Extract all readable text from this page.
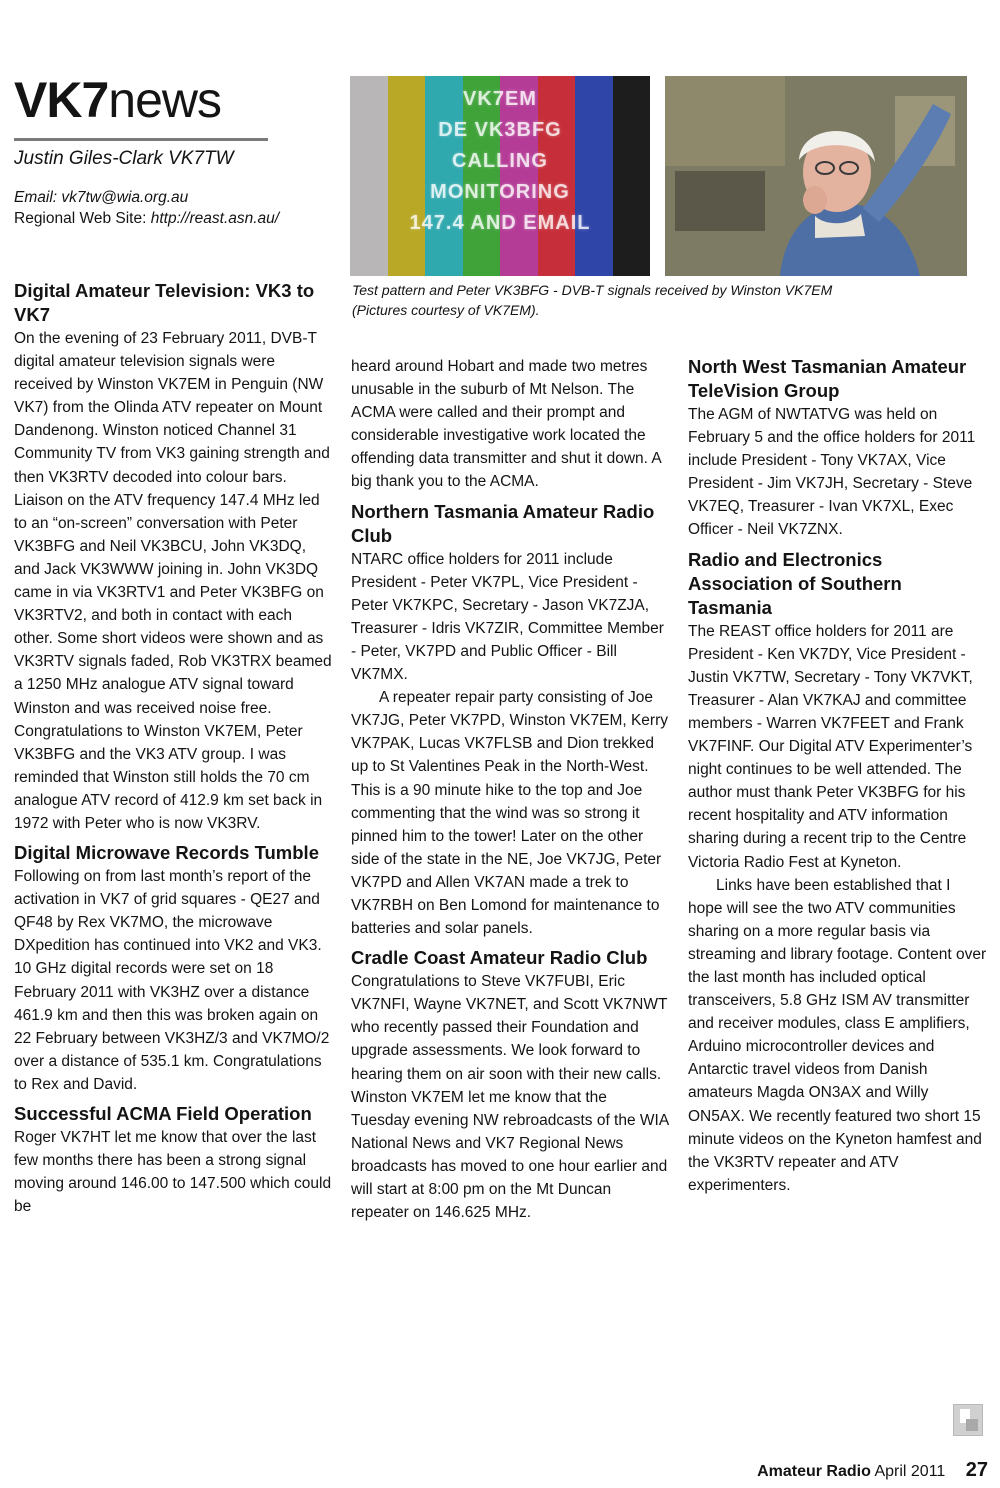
VK7news
Justin Giles-Clark VK7TW
Email: vk7tw@wia.org.au
Regional Web Site: http://reast.asn.au/
VK7EM
DE VK3BFG
CALLING
MONITORING
147.4 AND EMAIL
Test pattern and Peter VK3BFG - DVB-T signals received by Winston VK7EM
(Pictures courtesy of VK7EM).
Digital Amateur Television: VK3 to VK7

On the evening of 23 February 2011, DVB-T digital amateur television signals were received by Winston VK7EM in Penguin (NW VK7) from the Olinda ATV repeater on Mount Dandenong. Winston noticed Channel 31 Community TV from VK3 gaining strength and then VK3RTV decoded into colour bars. Liaison on the ATV frequency 147.4 MHz led to an “on-screen” conversation with Peter VK3BFG and Neil VK3BCU, John VK3DQ, and Jack VK3WWW joining in. John VK3DQ came in via VK3RTV1 and Peter VK3BFG on VK3RTV2, and both in contact with each other. Some short videos were shown and as VK3RTV signals faded, Rob VK3TRX beamed a 1250 MHz analogue ATV signal toward Winston and was received noise free. Congratulations to Winston VK7EM, Peter VK3BFG and the VK3 ATV group. I was reminded that Winston still holds the 70 cm analogue ATV record of 412.9 km set back in 1972 with Peter who is now VK3RV.

Digital Microwave Records Tumble

Following on from last month’s report of the activation in VK7 of grid squares - QE27 and QF48 by Rex VK7MO, the microwave DXpedition has continued into VK2 and VK3. 10 GHz digital records were set on 18 February 2011 with VK3HZ over a distance 461.9 km and then this was broken again on 22 February between VK3HZ/3 and VK7MO/2 over a distance of 535.1 km. Congratulations to Rex and David.

Successful ACMA Field Operation

Roger VK7HT let me know that over the last few months there has been a strong signal moving around 146.00 to 147.500 which could be

heard around Hobart and made two metres unusable in the suburb of Mt Nelson. The ACMA were called and their prompt and considerable investigative work located the offending data transmitter and shut it down. A big thank you to the ACMA.

Northern Tasmania Amateur Radio Club

NTARC office holders for 2011 include President - Peter VK7PL, Vice President - Peter VK7KPC, Secretary - Jason VK7ZJA, Treasurer - Idris VK7ZIR, Committee Member - Peter, VK7PD and Public Officer - Bill VK7MX.

A repeater repair party consisting of Joe VK7JG, Peter VK7PD, Winston VK7EM, Kerry VK7PAK, Lucas VK7FLSB and Dion trekked up to St Valentines Peak in the North-West. This is a 90 minute hike to the top and Joe commenting that the wind was so strong it pinned him to the tower! Later on the other side of the state in the NE, Joe VK7JG, Peter VK7PD and Allen VK7AN made a trek to VK7RBH on Ben Lomond for maintenance to batteries and solar panels.

Cradle Coast Amateur Radio Club

Congratulations to Steve VK7FUBI, Eric VK7NFI, Wayne VK7NET, and Scott VK7NWT who recently passed their Foundation and upgrade assessments. We look forward to hearing them on air soon with their new calls. Winston VK7EM let me know that the Tuesday evening NW rebroadcasts of the WIA National News and VK7 Regional News broadcasts has moved to one hour earlier and will start at 8:00 pm on the Mt Duncan repeater on 146.625 MHz.

North West Tasmanian Amateur TeleVision Group

The AGM of NWTATVG was held on February 5 and the office holders for 2011 include President - Tony VK7AX, Vice President - Jim VK7JH, Secretary - Steve VK7EQ, Treasurer - Ivan VK7XL, Exec Officer - Neil VK7ZNX.

Radio and Electronics Association of Southern Tasmania

The REAST office holders for 2011 are President - Ken VK7DY, Vice President - Justin VK7TW, Secretary - Tony VK7VKT, Treasurer - Alan VK7KAJ and committee members - Warren VK7FEET and Frank VK7FINF. Our Digital ATV Experimenter’s night continues to be well attended. The author must thank Peter VK3BFG for his recent hospitality and ATV information sharing during a recent trip to the Centre Victoria Radio Fest at Kyneton.

Links have been established that I hope will see the two ATV communities sharing on a more regular basis via streaming and library footage. Content over the last month has included optical transceivers, 5.8 GHz ISM AV transmitter and receiver modules, class E amplifiers, Arduino microcontroller devices and Antarctic travel videos from Danish amateurs Magda ON3AX and Willy ON5AX. We recently featured two short 15 minute videos on the Kyneton hamfest and the VK3RTV repeater and ATV experimenters.

Amateur Radio April 2011 27
